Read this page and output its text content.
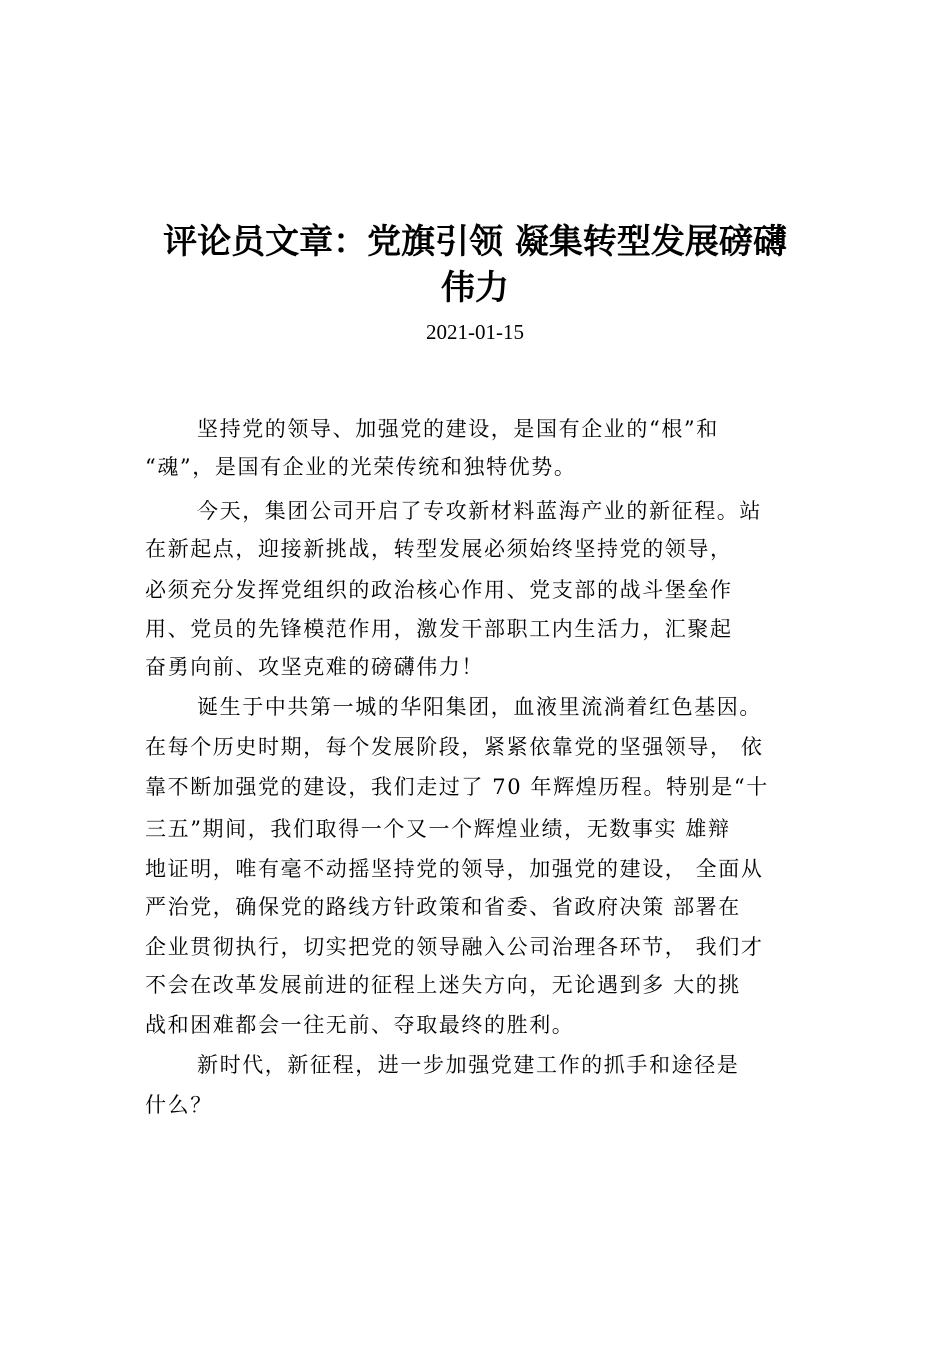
评论员文章：党旗引领 凝集转型发展磅礴
伟力
2021-01-15
坚持党的领导、加强党的建设，是国有企业的“根”和
“魂”，是国有企业的光荣传统和独特优势。
今天，集团公司开启了专攻新材料蓝海产业的新征程。站
在新起点，迎接新挑战，转型发展必须始终坚持党的领导，
必须充分发挥党组织的政治核心作用、党支部的战斗堡垒作
用、党员的先锋模范作用，激发干部职工内生活力，汇聚起
奋勇向前、攻坚克难的磅礴伟力！
诞生于中共第一城的华阳集团，血液里流淌着红色基因。
在每个历史时期，每个发展阶段，紧紧依靠党的坚强领导， 依
靠不断加强党的建设，我们走过了 70 年辉煌历程。特别是“十
三五”期间，我们取得一个又一个辉煌业绩，无数事实 雄辩
地证明，唯有毫不动摇坚持党的领导，加强党的建设， 全面从
严治党，确保党的路线方针政策和省委、省政府决策 部署在
企业贯彻执行，切实把党的领导融入公司治理各环节， 我们才
不会在改革发展前进的征程上迷失方向，无论遇到多 大的挑
战和困难都会一往无前、夺取最终的胜利。
新时代，新征程，进一步加强党建工作的抓手和途径是
什么？
